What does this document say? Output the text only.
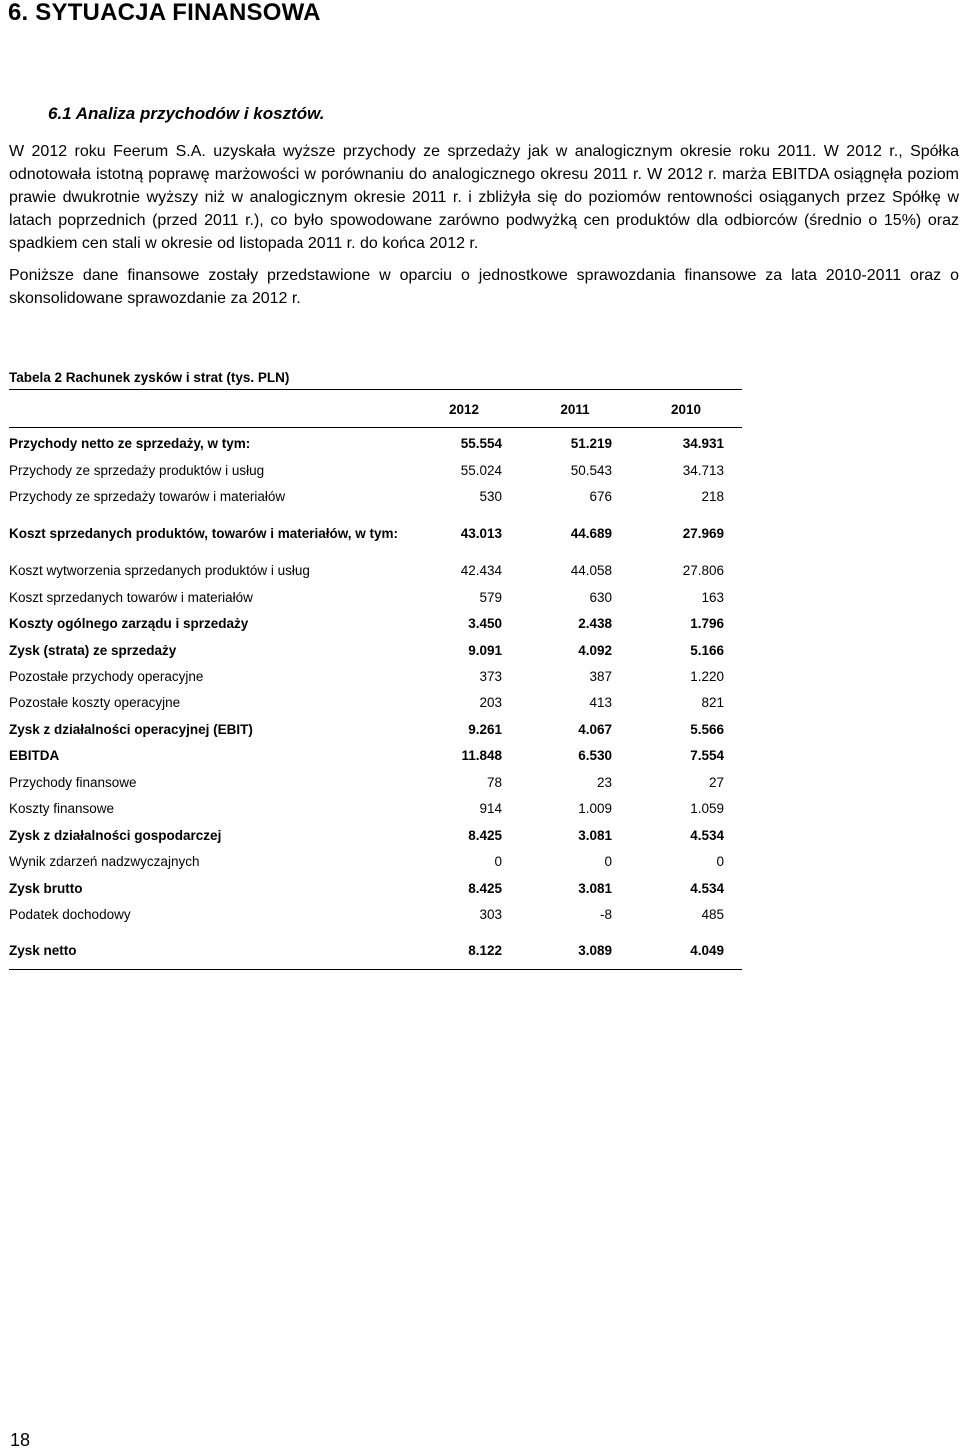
6. SYTUACJA FINANSOWA
6.1 Analiza przychodów i kosztów.

W 2012 roku Feerum S.A. uzyskała wyższe przychody ze sprzedaży jak w analogicznym okresie roku 2011. W 2012 r., Spółka odnotowała istotną poprawę marżowości w porównaniu do analogicznego okresu 2011 r. W 2012 r. marża EBITDA osiągnęła poziom prawie dwukrotnie wyższy niż w analogicznym okresie 2011 r. i zbliżyła się do poziomów rentowności osiąganych przez Spółkę w latach poprzednich (przed 2011 r.), co było spowodowane zarówno podwyżką cen produktów dla odbiorców (średnio o 15%) oraz spadkiem cen stali w okresie od listopada 2011 r. do końca 2012 r.

Poniższe dane finansowe zostały przedstawione w oparciu o jednostkowe sprawozdania finansowe za lata 2010-2011 oraz o skonsolidowane sprawozdanie za 2012 r.

Tabela 2 Rachunek zysków i strat (tys. PLN)

2012	2011	2010
Przychody netto ze sprzedaży, w tym:	55.554	51.219	34.931
Przychody ze sprzedaży produktów i usług	55.024	50.543	34.713
Przychody ze sprzedaży towarów i materiałów	530	676	218
Koszt sprzedanych produktów, towarów i materiałów, w tym:	43.013	44.689	27.969
Koszt wytworzenia sprzedanych produktów i usług	42.434	44.058	27.806
Koszt sprzedanych towarów i materiałów	579	630	163
Koszty ogólnego zarządu i sprzedaży	3.450	2.438	1.796
Zysk (strata) ze sprzedaży	9.091	4.092	5.166
Pozostałe przychody operacyjne	373	387	1.220
Pozostałe koszty operacyjne	203	413	821
Zysk z działalności operacyjnej (EBIT)	9.261	4.067	5.566
EBITDA	11.848	6.530	7.554
Przychody finansowe	78	23	27
Koszty finansowe	914	1.009	1.059
Zysk z działalności gospodarczej	8.425	3.081	4.534
Wynik zdarzeń nadzwyczajnych	0	0	0
Zysk brutto	8.425	3.081	4.534
Podatek dochodowy	303	-8	485
Zysk netto	8.122	3.089	4.049

18
